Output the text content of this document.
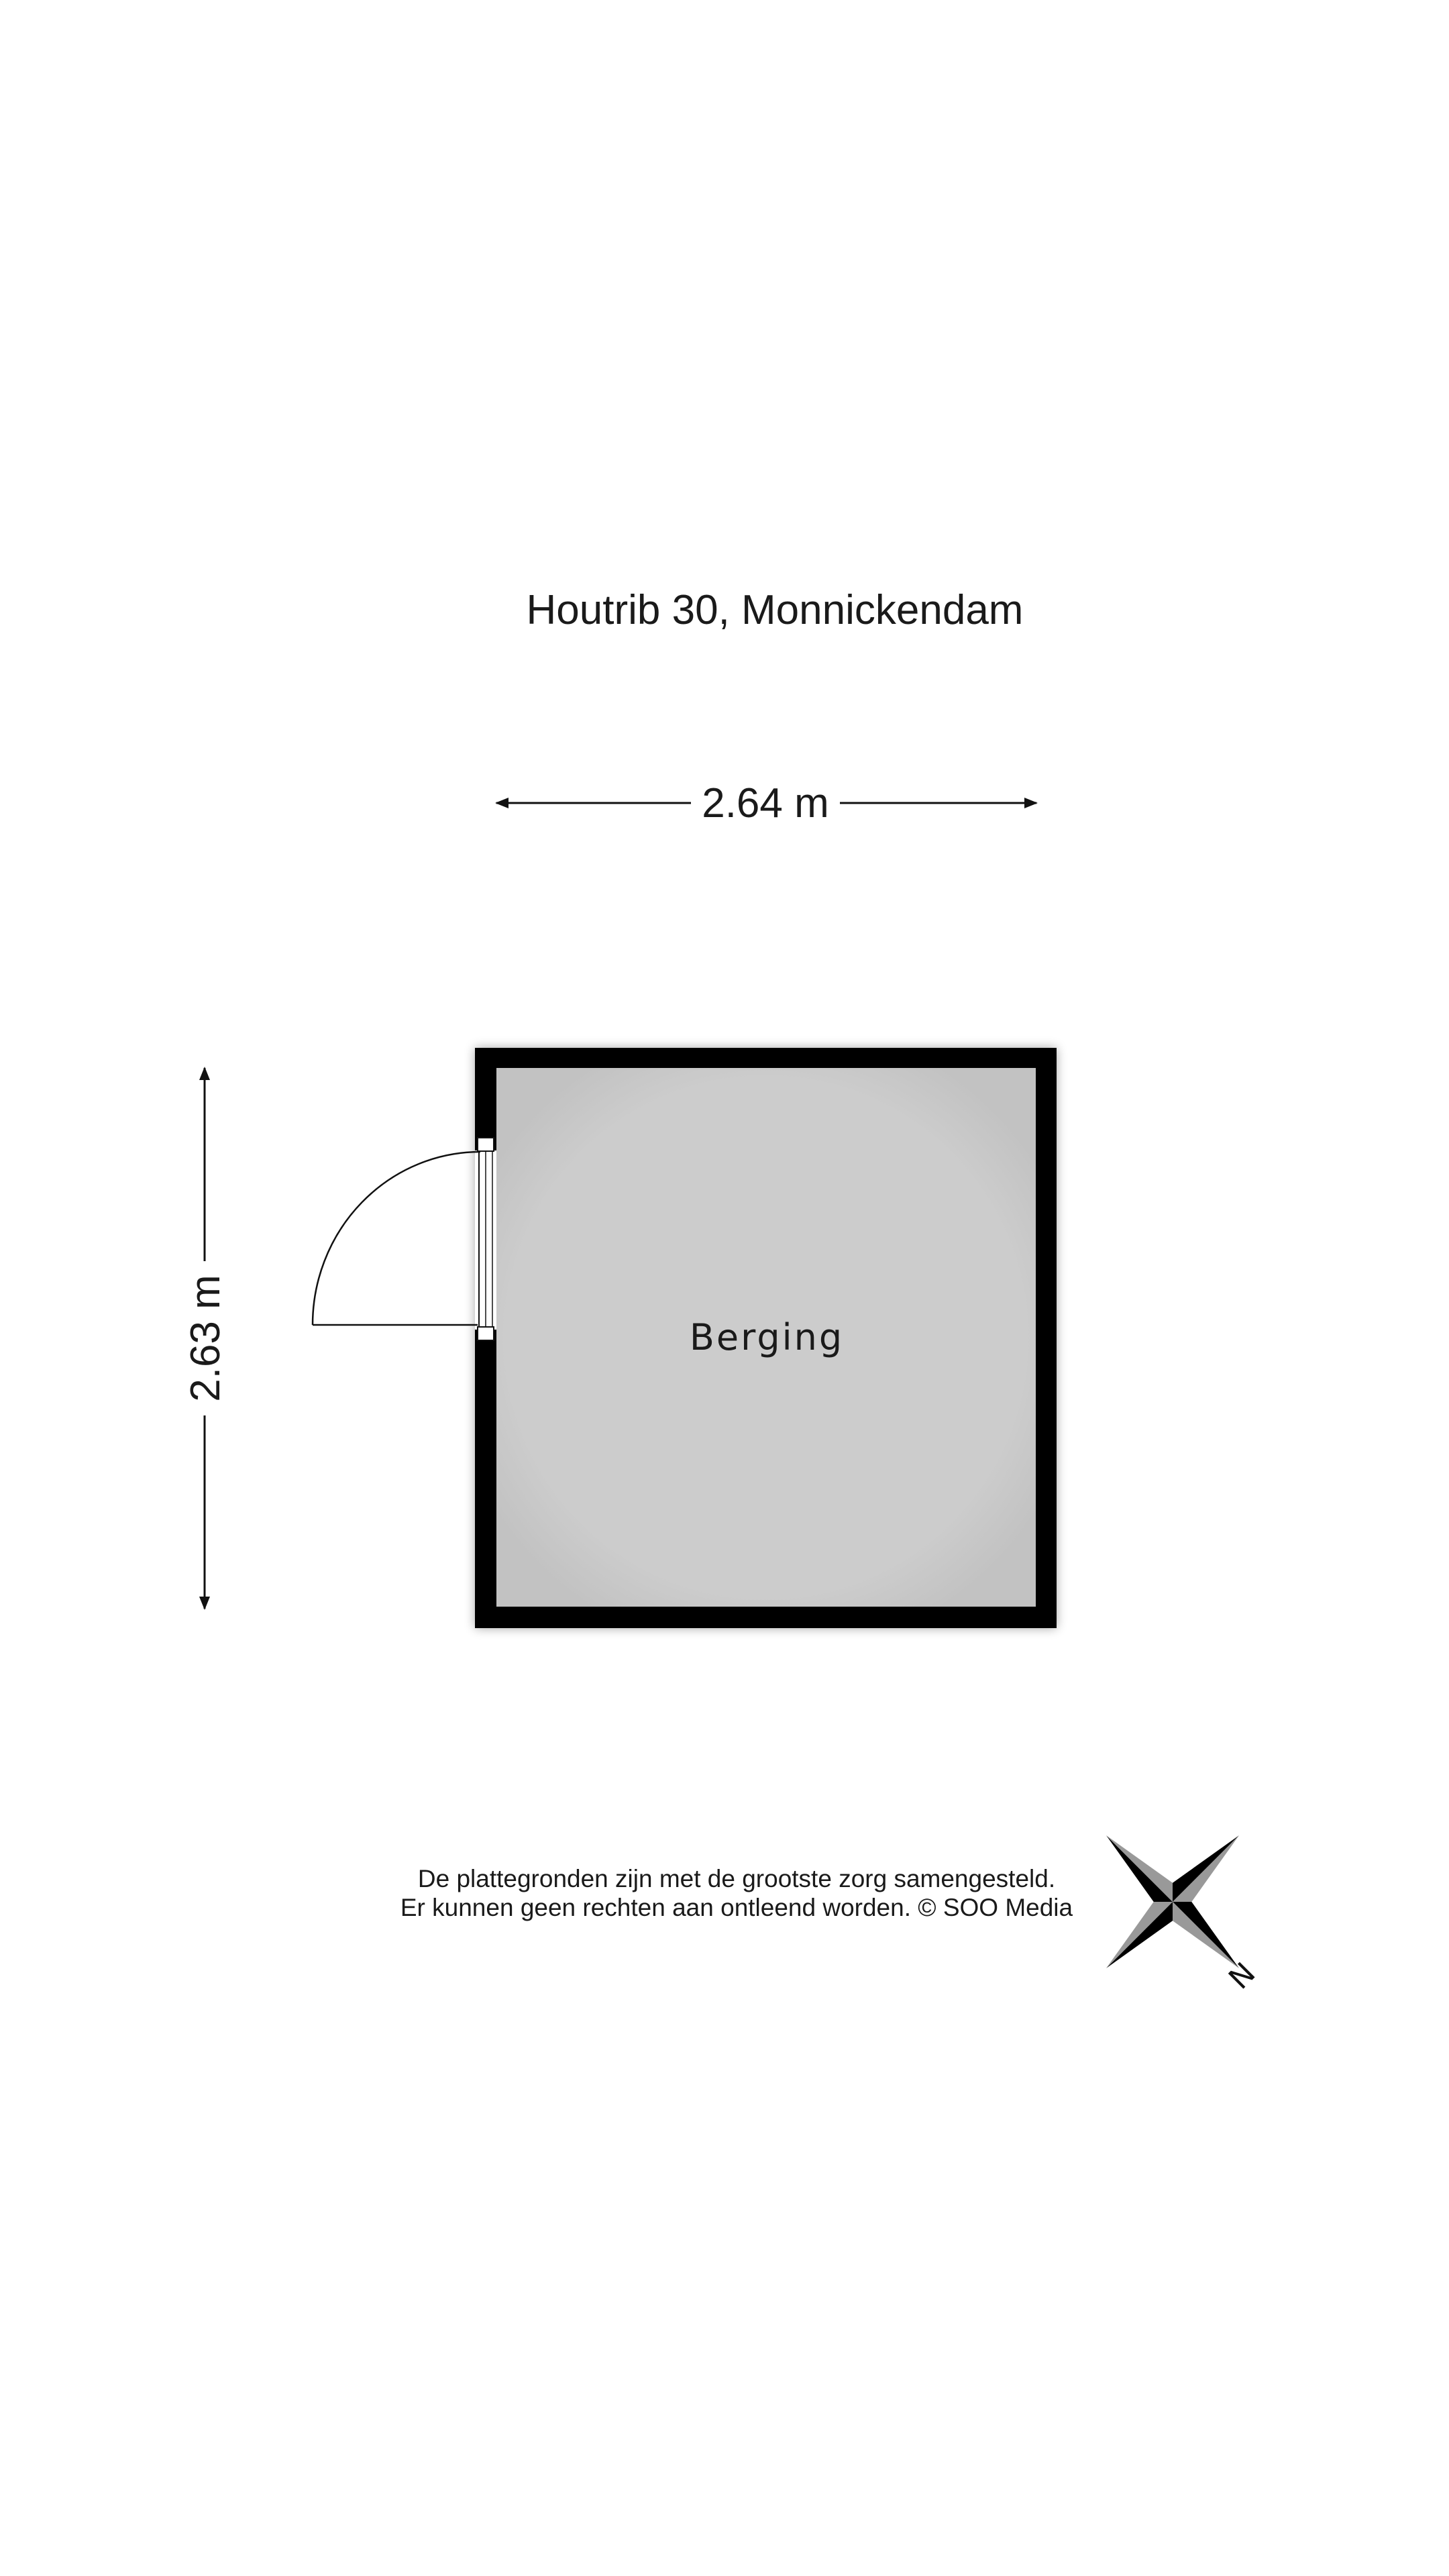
Houtrib 30, Monnickendam
2.64 m
2.63 m	Berging
De plattegronden zijn met de grootste zorg samengesteld.
Er kunnen geen rechten aan ontleend worden. © SOO Media
N
